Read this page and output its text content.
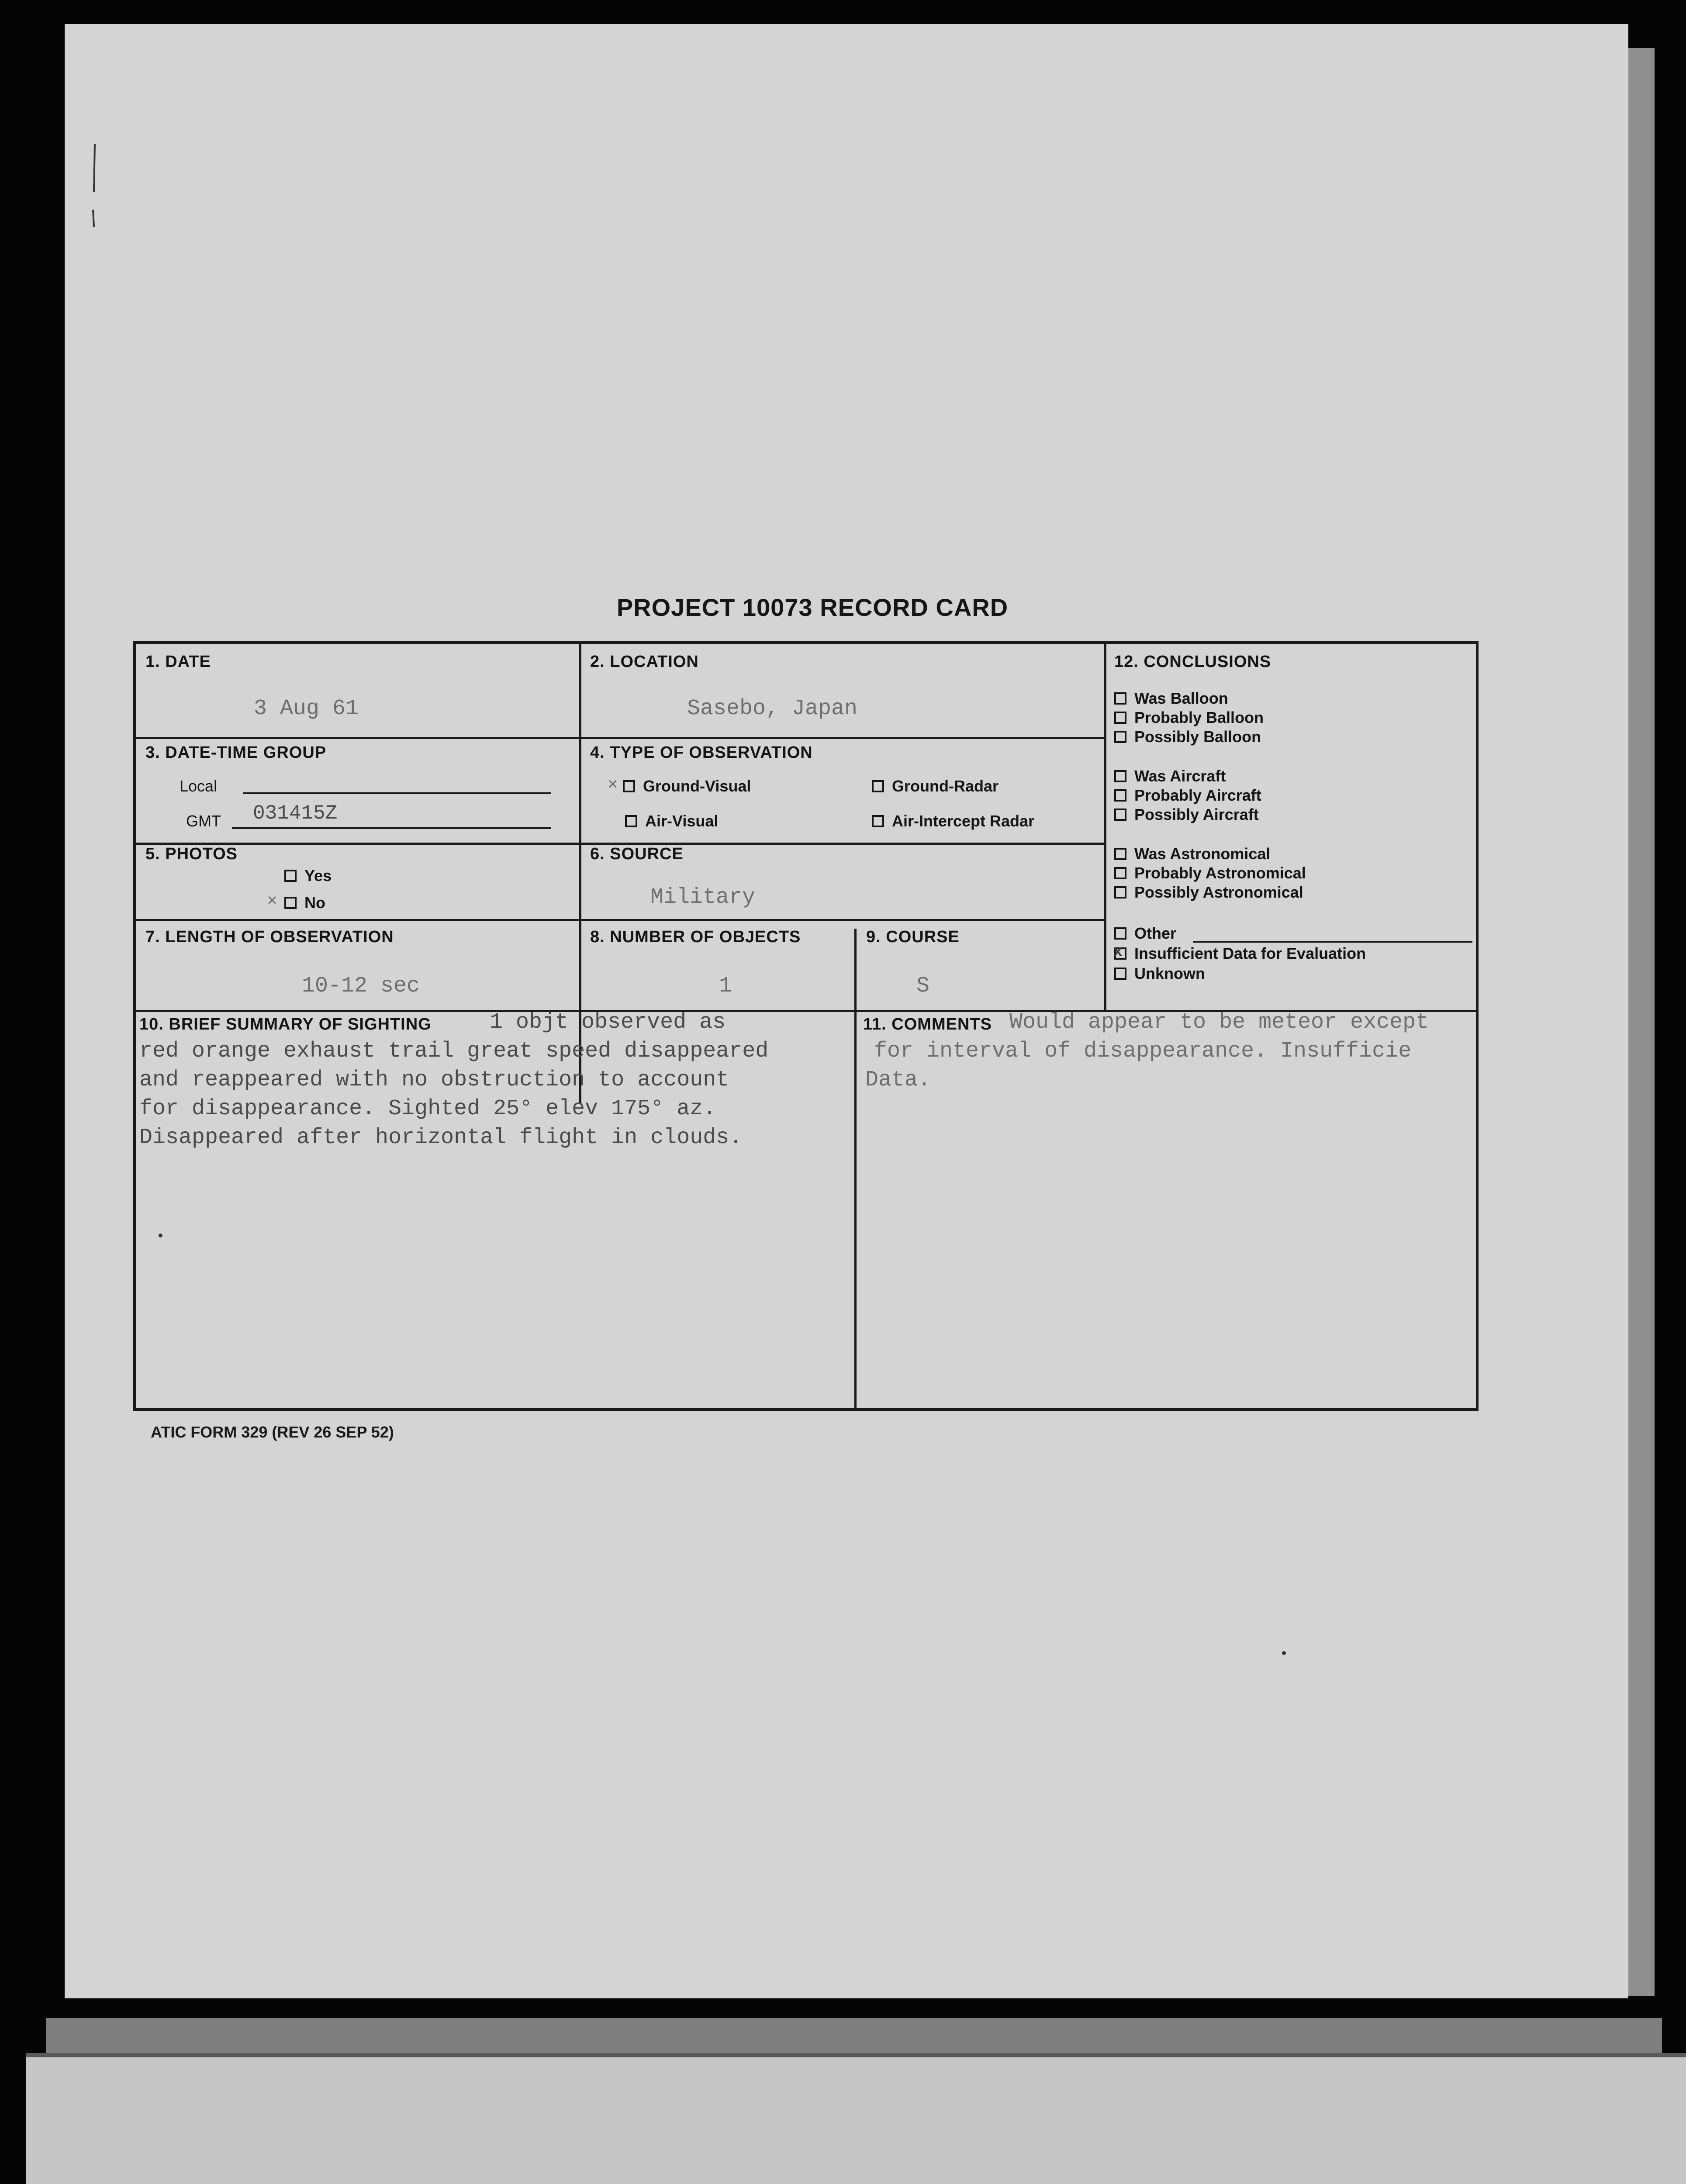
PROJECT 10073 RECORD CARD
1. DATE
3 Aug 61
2. LOCATION
Sasebo, Japan
3. DATE-TIME GROUP
Local
GMT 031415Z
4. TYPE OF OBSERVATION
×	Ground-Visual	Ground-Radar
Air-Visual	Air-Intercept Radar
5. PHOTOS
Yes
×	No
6. SOURCE
Military
7. LENGTH OF OBSERVATION
10-12 sec
8. NUMBER OF OBJECTS
1
9. COURSE
S
12. CONCLUSIONS
Was Balloon
Probably Balloon
Possibly Balloon
Was Aircraft
Probably Aircraft
Possibly Aircraft
Was Astronomical
Probably Astronomical
Possibly Astronomical
Other
x Insufficient Data for Evaluation
Unknown
10. BRIEF SUMMARY OF SIGHTING	1 objt observed as
red orange exhaust trail great speed disappeared
and reappeared with no obstruction to account
for disappearance. Sighted 25° elev 175° az.
Disappeared after horizontal flight in clouds.
11. COMMENTS Would appear to be meteor except
for interval of disappearance. Insufficie
Data.
ATIC FORM 329 (REV 26 SEP 52)
